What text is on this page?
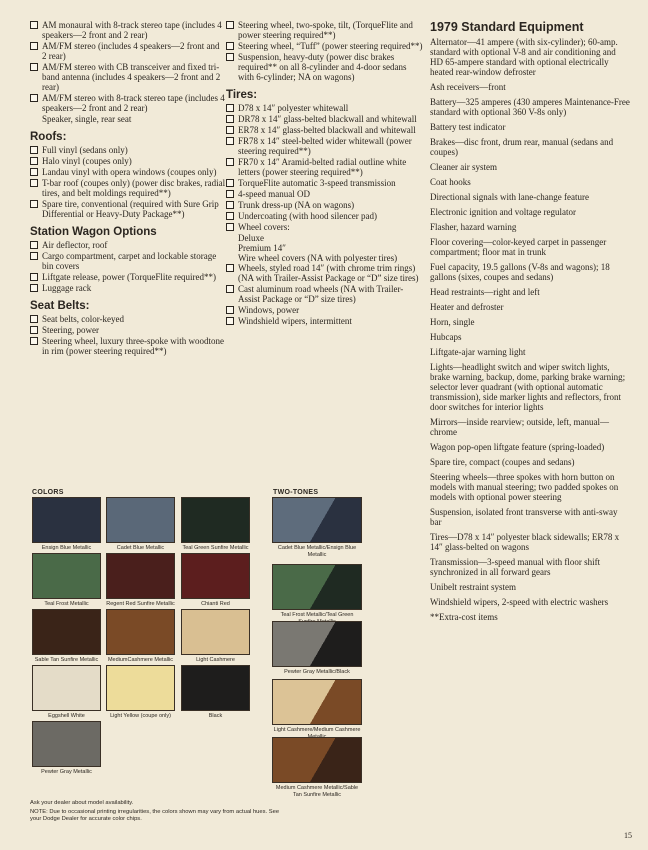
AM monaural with 8-track stereo tape (includes 4 speakers—2 front and 2 rear)
AM/FM stereo (includes 4 speakers—2 front and 2 rear)
AM/FM stereo with CB transceiver and fixed tri-band antenna (includes 4 speakers—2 front and 2 rear)
AM/FM stereo with 8-track stereo tape (includes 4 speakers—2 front and 2 rear)
Speaker, single, rear seat
Roofs:
Full vinyl (sedans only)
Halo vinyl (coupes only)
Landau vinyl with opera windows (coupes only)
T-bar roof (coupes only) (power disc brakes, radial tires, and belt moldings required**)
Spare tire, conventional (required with Sure Grip Differential or Heavy-Duty Package**)
Station Wagon Options
Air deflector, roof
Cargo compartment, carpet and lockable storage bin covers
Liftgate release, power (TorqueFlite required**)
Luggage rack
Seat Belts:
Seat belts, color-keyed
Steering, power
Steering wheel, luxury three-spoke with woodtone in rim (power steering required**)
Steering wheel, two-spoke, tilt, (TorqueFlite and power steering required**)
Steering wheel, “Tuff” (power steering required**)
Suspension, heavy-duty (power disc brakes required** on all 8-cylinder and 4-door sedans with 6-cylinder; NA on wagons)
Tires:
D78 x 14″ polyester whitewall
DR78 x 14″ glass-belted blackwall and whitewall
ER78 x 14″ glass-belted blackwall and whitewall
FR78 x 14″ steel-belted wider whitewall (power steering required**)
FR70 x 14″ Aramid-belted radial outline white letters (power steering required**)
TorqueFlite automatic 3-speed transmission
4-speed manual OD
Trunk dress-up (NA on wagons)
Undercoating (with hood silencer pad)
Wheel covers:
Deluxe
Premium 14″
Wire wheel covers (NA with polyester tires)
Wheels, styled road 14″ (with chrome trim rings) (NA with Trailer-Assist Package or “D” size tires)
Cast aluminum road wheels (NA with Trailer-Assist Package or “D” size tires)
Windows, power
Windshield wipers, intermittent
1979 Standard Equipment
Alternator—41 ampere (with six-cylinder); 60-amp. standard with optional V-8 and air conditioning and HD 65-ampere standard with optional electrically heated rear-window defroster
Ash receivers—front
Battery—325 amperes (430 amperes Maintenance-Free standard with optional 360 V-8s only)
Battery test indicator
Brakes—disc front, drum rear, manual (sedans and coupes)
Cleaner air system
Coat hooks
Directional signals with lane-change feature
Electronic ignition and voltage regulator
Flasher, hazard warning
Floor covering—color-keyed carpet in passenger compartment; floor mat in trunk
Fuel capacity, 19.5 gallons (V-8s and wagons); 18 gallons (sixes, coupes and sedans)
Head restraints—right and left
Heater and defroster
Horn, single
Hubcaps
Liftgate-ajar warning light
Lights—headlight switch and wiper switch lights, brake warning, backup, dome, parking brake warning; selector lever quadrant (with optional automatic transmission), side marker lights and reflectors, front door switches for interior lights
Mirrors—inside rearview; outside, left, manual—chrome
Wagon pop-open liftgate feature (spring-loaded)
Spare tire, compact (coupes and sedans)
Steering wheels—three spokes with horn button on models with manual steering; two padded spokes on models with optional power steering
Suspension, isolated front transverse with anti-sway bar
Tires—D78 x 14″ polyester black sidewalls; ER78 x 14″ glass-belted on wagons
Transmission—3-speed manual with floor shift synchronized in all forward gears
Unibelt restraint system
Windshield wipers, 2-speed with electric washers
**Extra-cost items
COLORS	TWO-TONES
Ensign Blue Metallic	Cadet Blue Metallic	Teal Green Sunfire Metallic
Teal Frost Metallic	Regent Red Sunfire Metallic	Chianti Red
Sable Tan Sunfire Metallic	MediumCashmere Metallic	Light Cashmere
Eggshell White	Light Yellow (coupe only)	Black
Pewter Gray Metallic
Cadet Blue Metallic/Ensign Blue Metallic
Teal Frost Metallic/Teal Green
Pewter Gray Metallic/Black
Light Cashmere/Medium Cashmere
Medium Cashmere Metallic/Sable Tan Sunfire Metallic
Ask your dealer about model availability.
NOTE: Due to occasional printing irregularities, the colors shown may vary from actual hues. See your Dodge Dealer for accurate color chips.
15
